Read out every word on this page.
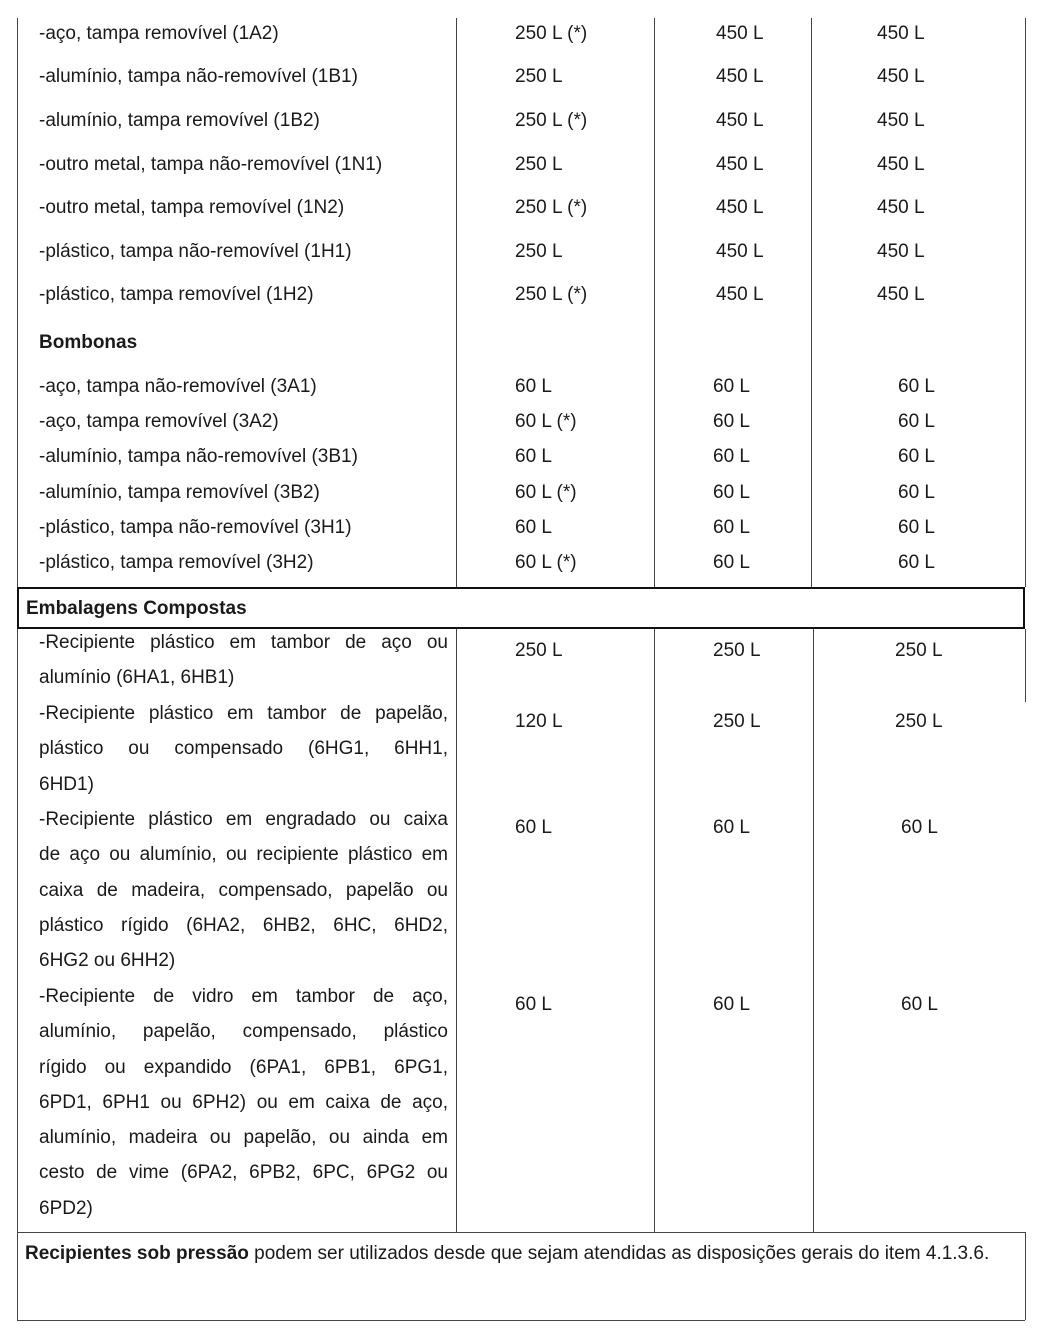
-aço, tampa removível (1A2)	250 L (*)	450 L	450 L
-alumínio, tampa não-removível (1B1)	250 L	450 L	450 L
-alumínio, tampa removível (1B2)	250 L (*)	450 L	450 L
-outro metal, tampa não-removível (1N1)	250 L	450 L	450 L
-outro metal, tampa removível (1N2)	250 L (*)	450 L	450 L
-plástico, tampa não-removível (1H1)	250 L	450 L	450 L
-plástico, tampa removível (1H2)	250 L (*)	450 L	450 L
Bombonas
-aço, tampa não-removível (3A1)	60 L	60 L	60 L
-aço, tampa removível (3A2)	60 L (*)	60 L	60 L
-alumínio, tampa não-removível (3B1)	60 L	60 L	60 L
-alumínio, tampa removível (3B2)	60 L (*)	60 L	60 L
-plástico, tampa não-removível (3H1)	60 L	60 L	60 L
-plástico, tampa removível (3H2)	60 L (*)	60 L	60 L
Embalagens Compostas
-Recipiente plástico em tambor de aço ou
alumínio (6HA1, 6HB1)
250 L	250 L	250 L
-Recipiente plástico em tambor de papelão,
plástico ou compensado (6HG1, 6HH1,
6HD1)
120 L	250 L	250 L
-Recipiente plástico em engradado ou caixa
de aço ou alumínio, ou recipiente plástico em
caixa de madeira, compensado, papelão ou
plástico rígido (6HA2, 6HB2, 6HC, 6HD2,
6HG2 ou 6HH2)
60 L	60 L	60 L
-Recipiente de vidro em tambor de aço,
alumínio, papelão, compensado, plástico
rígido ou expandido (6PA1, 6PB1, 6PG1,
6PD1, 6PH1 ou 6PH2) ou em caixa de aço,
alumínio, madeira ou papelão, ou ainda em
cesto de vime (6PA2, 6PB2, 6PC, 6PG2 ou
6PD2)
60 L	60 L	60 L
Recipientes sob pressão podem ser utilizados desde que sejam atendidas as disposições gerais do item 4.1.3.6.
